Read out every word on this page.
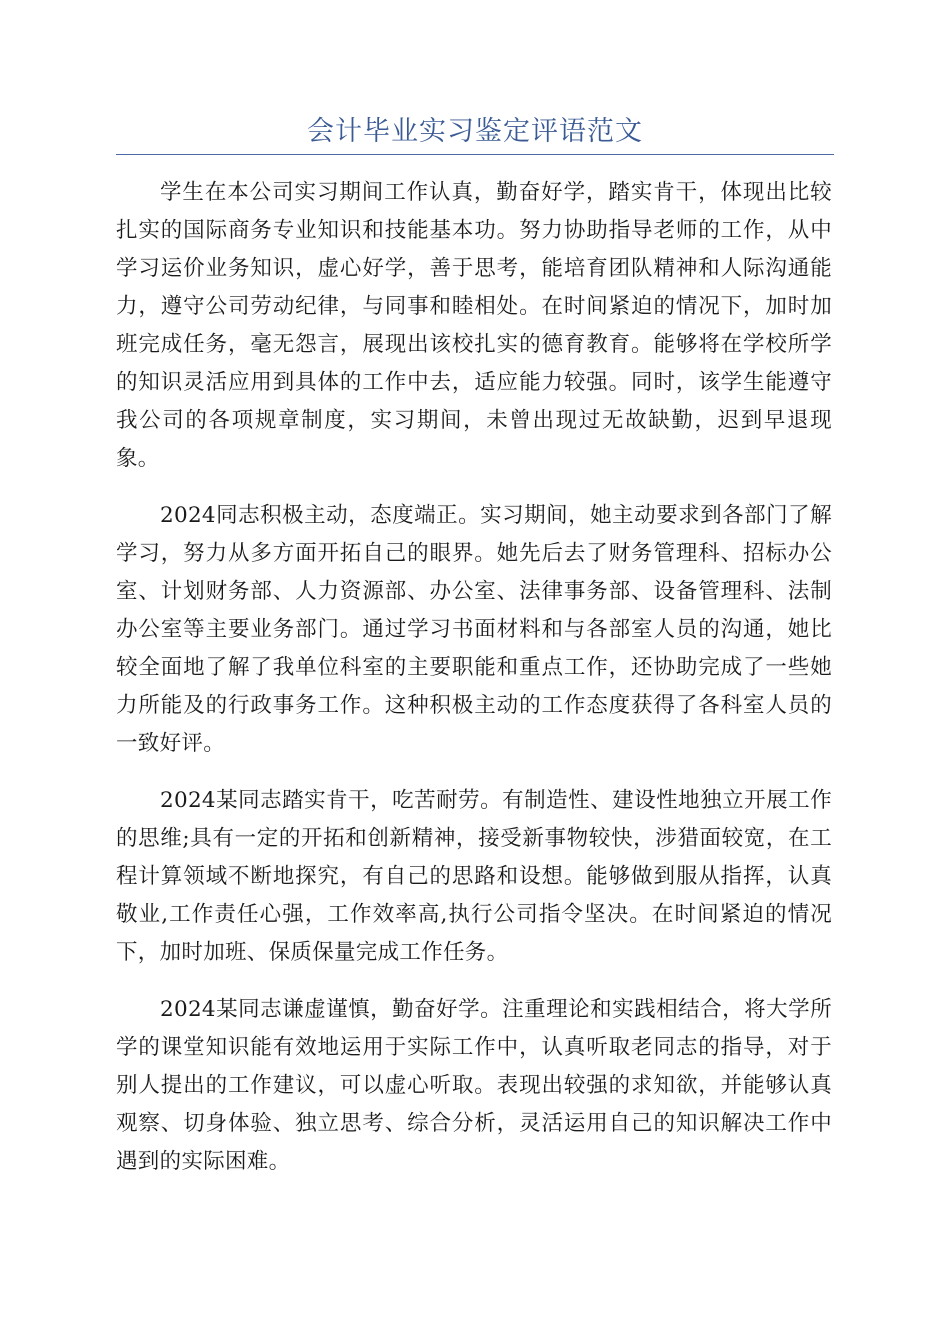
会计毕业实习鉴定评语范文

学生在本公司实习期间工作认真，勤奋好学，踏实肯干，体现出比较扎实的国际商务专业知识和技能基本功。努力协助指导老师的工作，从中学习运价业务知识，虚心好学，善于思考，能培育团队精神和人际沟通能力，遵守公司劳动纪律，与同事和睦相处。在时间紧迫的情况下，加时加班完成任务，毫无怨言，展现出该校扎实的德育教育。能够将在学校所学的知识灵活应用到具体的工作中去，适应能力较强。同时，该学生能遵守我公司的各项规章制度，实习期间，未曾出现过无故缺勤，迟到早退现象。

2024同志积极主动，态度端正。实习期间，她主动要求到各部门了解学习，努力从多方面开拓自己的眼界。她先后去了财务管理科、招标办公室、计划财务部、人力资源部、办公室、法律事务部、设备管理科、法制办公室等主要业务部门。通过学习书面材料和与各部室人员的沟通，她比较全面地了解了我单位科室的主要职能和重点工作，还协助完成了一些她力所能及的行政事务工作。这种积极主动的工作态度获得了各科室人员的一致好评。

2024某同志踏实肯干，吃苦耐劳。有制造性、建设性地独立开展工作的思维;具有一定的开拓和创新精神，接受新事物较快，涉猎面较宽，在工程计算领域不断地探究，有自己的思路和设想。能够做到服从指挥，认真敬业,工作责任心强，工作效率高,执行公司指令坚决。在时间紧迫的情况下，加时加班、保质保量完成工作任务。

2024某同志谦虚谨慎，勤奋好学。注重理论和实践相结合，将大学所学的课堂知识能有效地运用于实际工作中，认真听取老同志的指导，对于别人提出的工作建议，可以虚心听取。表现出较强的求知欲，并能够认真观察、切身体验、独立思考、综合分析，灵活运用自己的知识解决工作中遇到的实际困难。
